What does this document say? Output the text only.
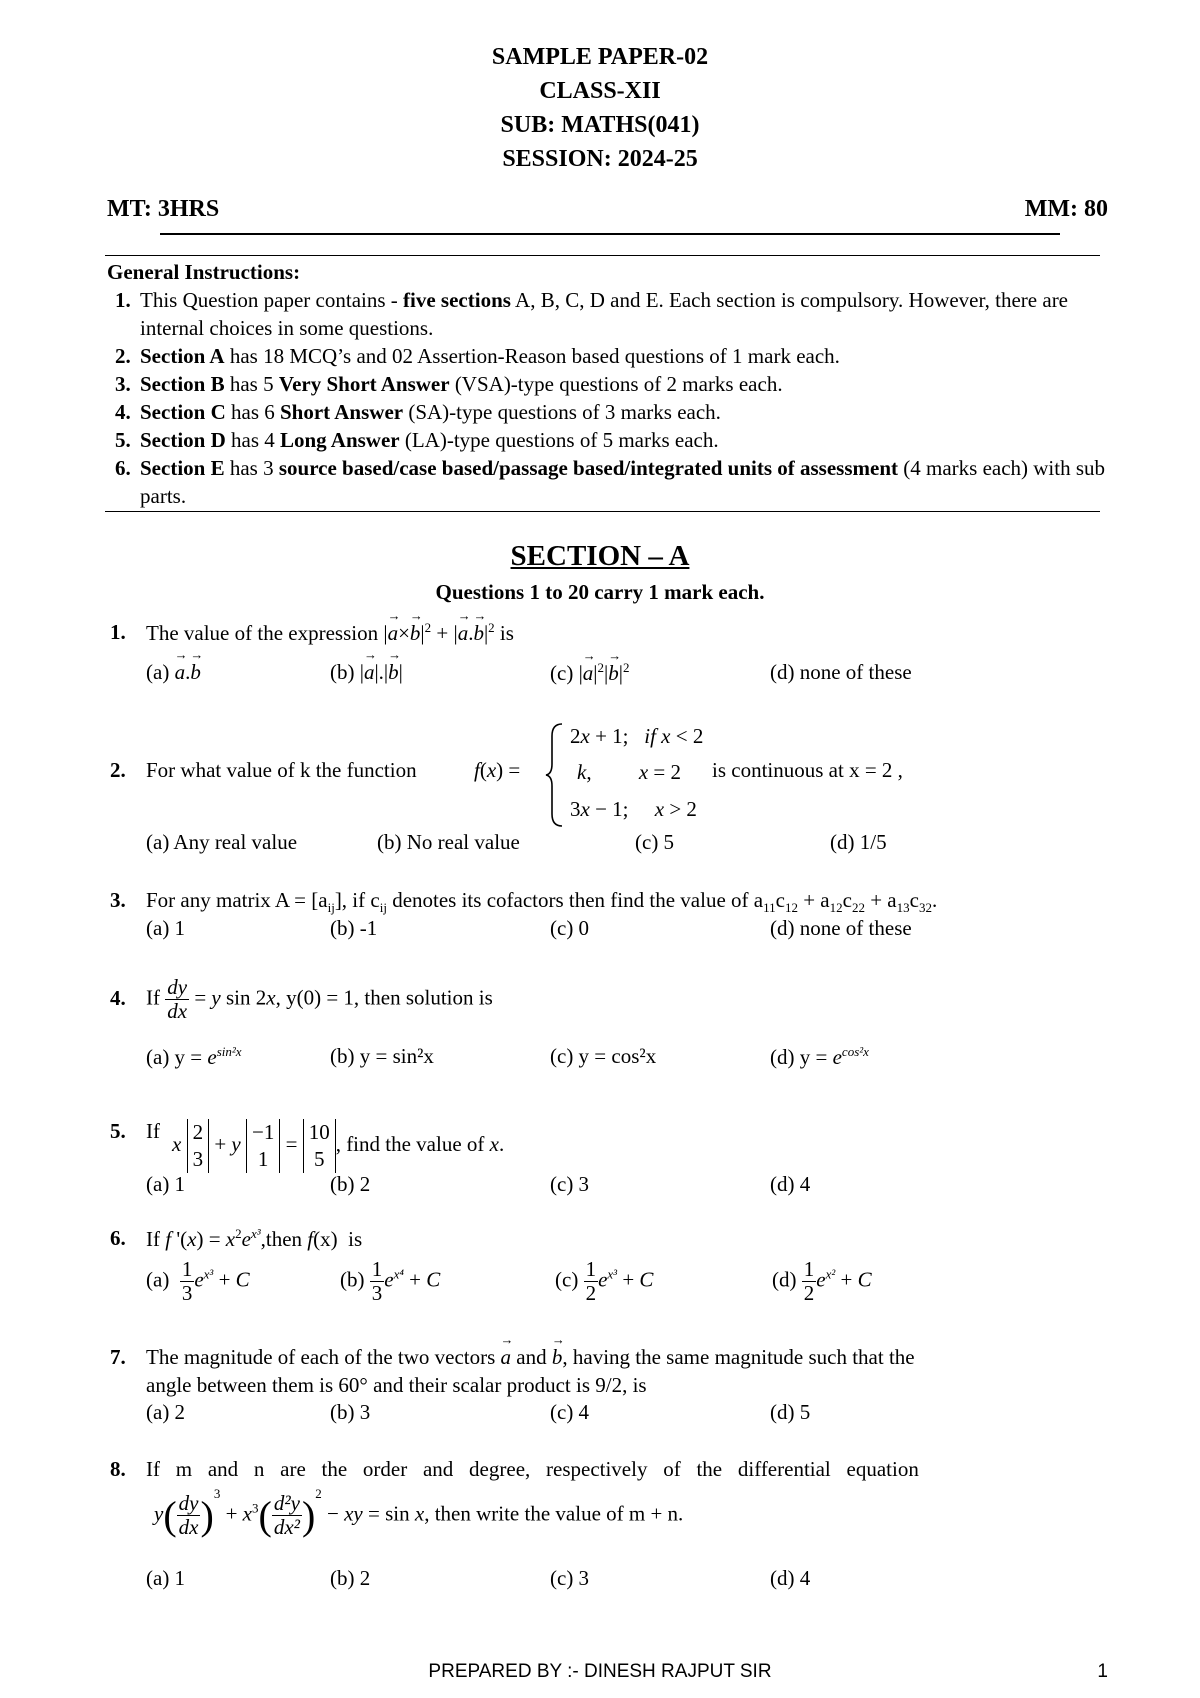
SAMPLE PAPER-02
CLASS-XII
SUB: MATHS(041)
SESSION: 2024-25
MT: 3HRS	MM: 80
General Instructions:
1. This Question paper contains - five sections A, B, C, D and E. Each section is compulsory. However, there are internal choices in some questions.
2. Section A has 18 MCQ’s and 02 Assertion-Reason based questions of 1 mark each.
3. Section B has 5 Very Short Answer (VSA)-type questions of 2 marks each.
4. Section C has 6 Short Answer (SA)-type questions of 3 marks each.
5. Section D has 4 Long Answer (LA)-type questions of 5 marks each.
6. Section E has 3 source based/case based/passage based/integrated units of assessment (4 marks each) with sub parts.
SECTION – A
Questions 1 to 20 carry 1 mark each.
1. The value of the expression |→ $a\times\to b|^2$ + |→ $a.\to b|^2$ is
(a) → a.→ b	(b) |→ a|.|→ b|	(c) |→ $a|^2|\to b|^2$	(d) none of these
2. For what value of k the function	f(x) =
2x + 1;   if x < 2
k,         x = 2
3x − 1;     x > 2
is continuous at x = 2 ,
(a) Any real value	(b) No real value	(c) 5	(d) 1/5
3. For any matrix $A = [a_{ij}]$, if $c_{ij}$ denotes its cofactors then find the value of $a_{11}c_{12} + a_{12}c_{22} + a_{13}c_{32}$.
(a) 1	(b) -1	(c) 0	(d) none of these
4. If $\frac{dy}{dx} = y$ sin 2x, y(0) = 1, then solution is
(a) $y = e^{sin^2x}$	(b) y = sin²x	(c) y = cos²x	(d) $y = e^{cos^2x}$
5. If
x 2
3 + y −1
1 = 10
5, find the value of x.
(a) 1	(b) 2	(c) 3	(d) 4
6. If f '$(x) = x^2e^{x^3},then$ f(x)  is
$(a) \frac{1}{3} e^{x^3} + C$	$(b) \frac{1}{3} e^{x^4} + C$	$(c) \frac{1}{2} e^{x^3} + C$	$(d) \frac{1}{2} e^{x^2} + C$
7. The magnitude of each of the two vectors → a and → b, having the same magnitude such that the
angle between them is 60° and their scalar product is 9/2, is
(a) 2	(b) 3	(c) 4	(d) 5
8. If   m   and   n   are   the   order   and   degree,   respectively   of   the   differential   equation
$y( \frac{dy}{dx} )^3 + x^3( \frac{\text{d²y}}{\text{dx²}} )^2$ − xy = sin x, then write the value of m + n.
(a) 1	(b) 2	(c) 3	(d) 4
PREPARED BY :- DINESH RAJPUT SIR	1
